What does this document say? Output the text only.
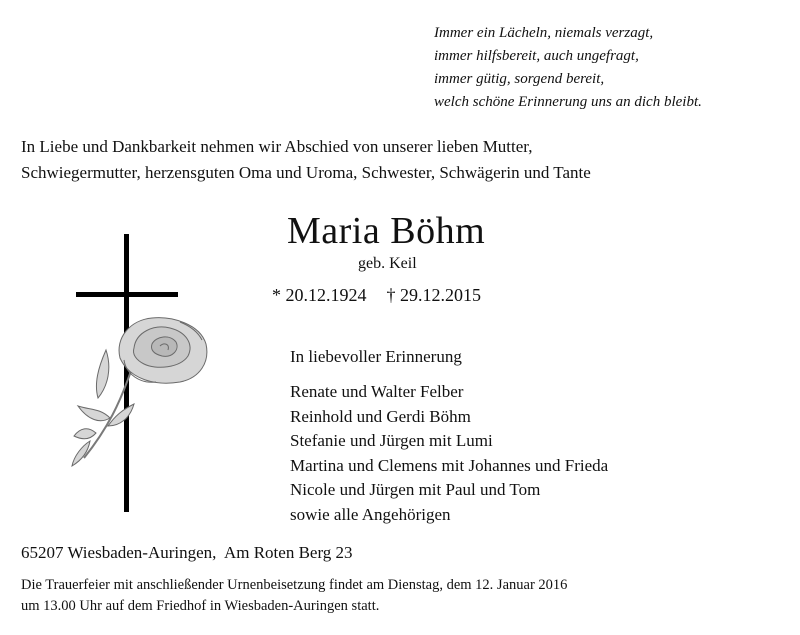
Immer ein Lächeln, niemals verzagt,
immer hilfsbereit, auch ungefragt,
immer gütig, sorgend bereit,
welch schöne Erinnerung uns an dich bleibt.
In Liebe und Dankbarkeit nehmen wir Abschied von unserer lieben Mutter,
Schwiegermutter, herzensguten Oma und Uroma, Schwester, Schwägerin und Tante
Maria Böhm
geb. Keil
* 20.12.1924 † 29.12.2015
In liebevoller Erinnerung
Renate und Walter Felber
Reinhold und Gerdi Böhm
Stefanie und Jürgen mit Lumi
Martina und Clemens mit Johannes und Frieda
Nicole und Jürgen mit Paul und Tom
sowie alle Angehörigen
65207 Wiesbaden-Auringen,  Am Roten Berg 23
Die Trauerfeier mit anschließender Urnenbeisetzung findet am Dienstag, dem 12. Januar 2016
um 13.00 Uhr auf dem Friedhof in Wiesbaden-Auringen statt.
